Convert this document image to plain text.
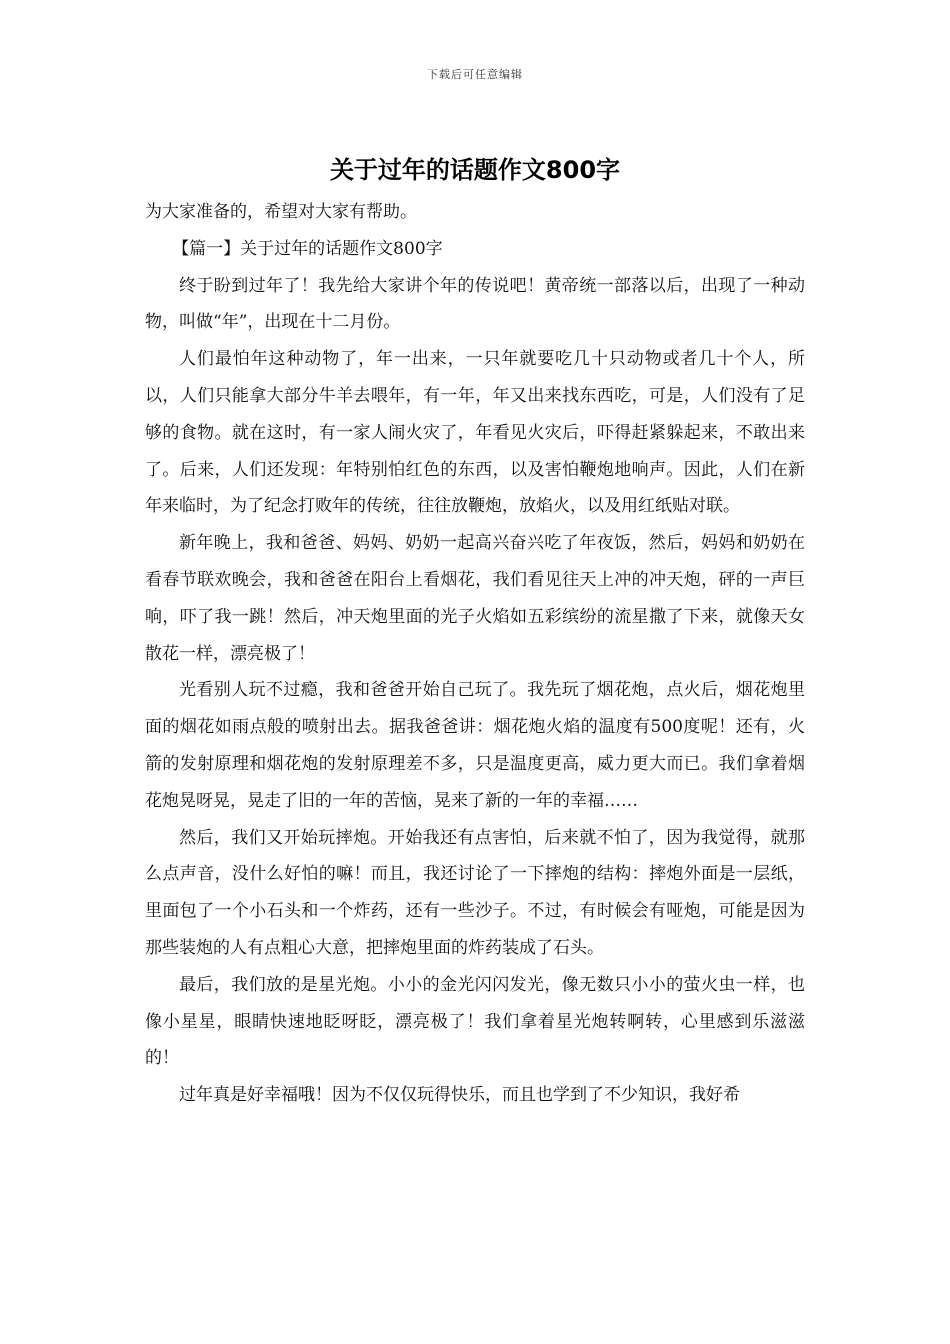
下载后可任意编辑
关于过年的话题作文800字

为大家准备的，希望对大家有帮助。

【篇一】关于过年的话题作文800字

终于盼到过年了！我先给大家讲个年的传说吧！黄帝统一部落以后，出现了一种动物，叫做“年”，出现在十二月份。

人们最怕年这种动物了，年一出来，一只年就要吃几十只动物或者几十个人，所以，人们只能拿大部分牛羊去喂年，有一年，年又出来找东西吃，可是，人们没有了足够的食物。就在这时，有一家人闹火灾了，年看见火灾后，吓得赶紧躲起来，不敢出来了。后来，人们还发现：年特别怕红色的东西，以及害怕鞭炮地响声。因此，人们在新年来临时，为了纪念打败年的传统，往往放鞭炮，放焰火，以及用红纸贴对联。

新年晚上，我和爸爸、妈妈、奶奶一起高兴奋兴吃了年夜饭，然后，妈妈和奶奶在看春节联欢晚会，我和爸爸在阳台上看烟花，我们看见往天上冲的冲天炮，砰的一声巨响，吓了我一跳！然后，冲天炮里面的光子火焰如五彩缤纷的流星撒了下来，就像天女散花一样，漂亮极了！

光看别人玩不过瘾，我和爸爸开始自己玩了。我先玩了烟花炮，点火后，烟花炮里面的烟花如雨点般的喷射出去。据我爸爸讲：烟花炮火焰的温度有500度呢！还有，火箭的发射原理和烟花炮的发射原理差不多，只是温度更高，威力更大而已。我们拿着烟花炮晃呀晃，晃走了旧的一年的苦恼，晃来了新的一年的幸福……

然后，我们又开始玩摔炮。开始我还有点害怕，后来就不怕了，因为我觉得，就那么点声音，没什么好怕的嘛！而且，我还讨论了一下摔炮的结构：摔炮外面是一层纸，里面包了一个小石头和一个炸药，还有一些沙子。不过，有时候会有哑炮，可能是因为那些装炮的人有点粗心大意，把摔炮里面的炸药装成了石头。

最后，我们放的是星光炮。小小的金光闪闪发光，像无数只小小的萤火虫一样，也像小星星，眼睛快速地眨呀眨，漂亮极了！我们拿着星光炮转啊转，心里感到乐滋滋的！

过年真是好幸福哦！因为不仅仅玩得快乐，而且也学到了不少知识，我好希
